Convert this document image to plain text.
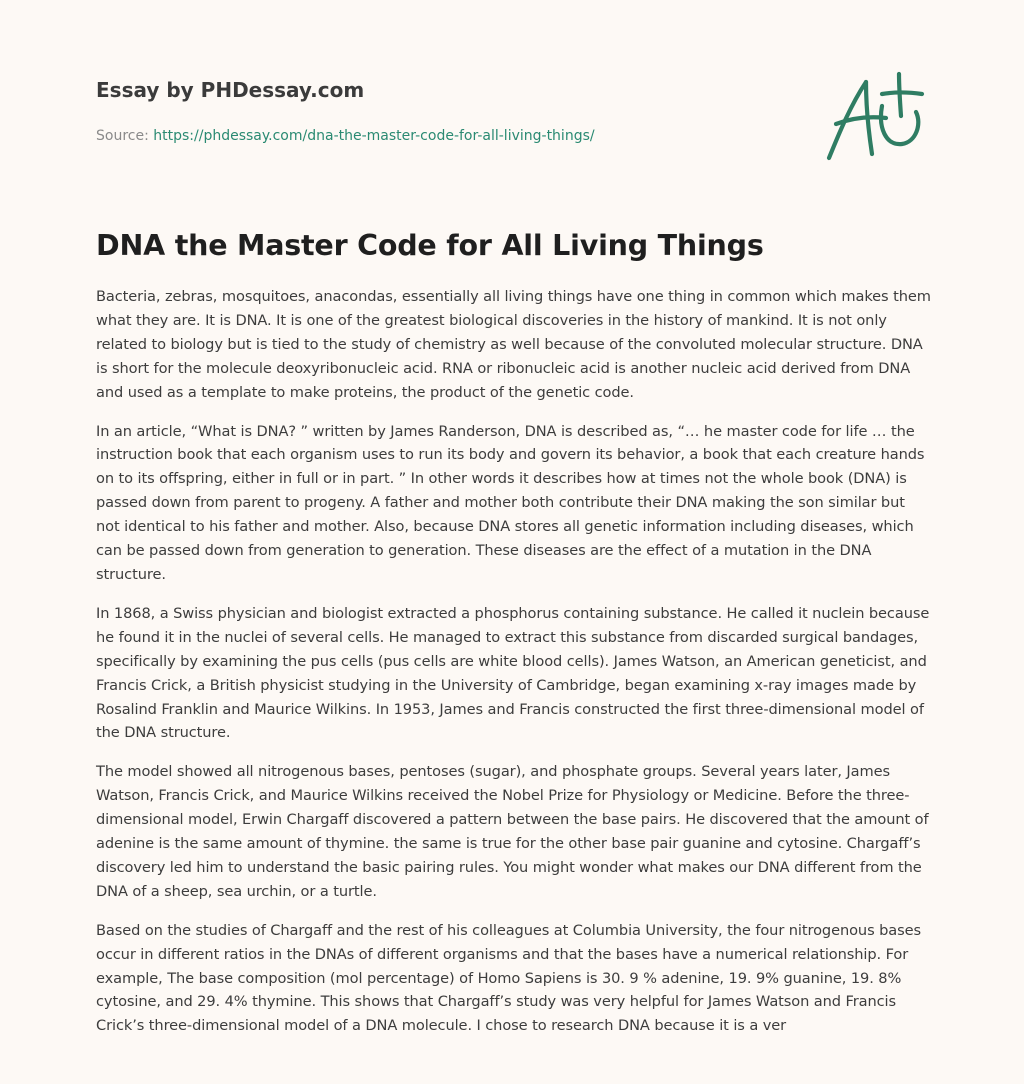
Essay by PHDessay.com
Source: https://phdessay.com/dna-the-master-code-for-all-living-things/
DNA the Master Code for All Living Things

Bacteria, zebras, mosquitoes, anacondas, essentially all living things have one thing in common which makes them what they are. It is DNA. It is one of the greatest biological discoveries in the history of mankind. It is not only related to biology but is tied to the study of chemistry as well because of the convoluted molecular structure. DNA is short for the molecule deoxyribonucleic acid. RNA or ribonucleic acid is another nucleic acid derived from DNA and used as a template to make proteins, the product of the genetic code.

In an article, “What is DNA? ” written by James Randerson, DNA is described as, “… he master code for life … the instruction book that each organism uses to run its body and govern its behavior, a book that each creature hands on to its offspring, either in full or in part. ” In other words it describes how at times not the whole book (DNA) is passed down from parent to progeny. A father and mother both contribute their DNA making the son similar but not identical to his father and mother. Also, because DNA stores all genetic information including diseases, which can be passed down from generation to generation. These diseases are the effect of a mutation in the DNA structure.

In 1868, a Swiss physician and biologist extracted a phosphorus containing substance. He called it nuclein because he found it in the nuclei of several cells. He managed to extract this substance from discarded surgical bandages, specifically by examining the pus cells (pus cells are white blood cells). James Watson, an American geneticist, and Francis Crick, a British physicist studying in the University of Cambridge, began examining x-ray images made by Rosalind Franklin and Maurice Wilkins. In 1953, James and Francis constructed the first three-dimensional model of the DNA structure.

The model showed all nitrogenous bases, pentoses (sugar), and phosphate groups. Several years later, James Watson, Francis Crick, and Maurice Wilkins received the Nobel Prize for Physiology or Medicine. Before the three-dimensional model, Erwin Chargaff discovered a pattern between the base pairs. He discovered that the amount of adenine is the same amount of thymine. the same is true for the other base pair guanine and cytosine. Chargaff’s discovery led him to understand the basic pairing rules. You might wonder what makes our DNA different from the DNA of a sheep, sea urchin, or a turtle.

Based on the studies of Chargaff and the rest of his colleagues at Columbia University, the four nitrogenous bases occur in different ratios in the DNAs of different organisms and that the bases have a numerical relationship. For example, The base composition (mol percentage) of Homo Sapiens is 30. 9 % adenine, 19. 9% guanine, 19. 8% cytosine, and 29. 4% thymine. This shows that Chargaff’s study was very helpful for James Watson and Francis Crick’s three-dimensional model of a DNA molecule. I chose to research DNA because it is a ver
